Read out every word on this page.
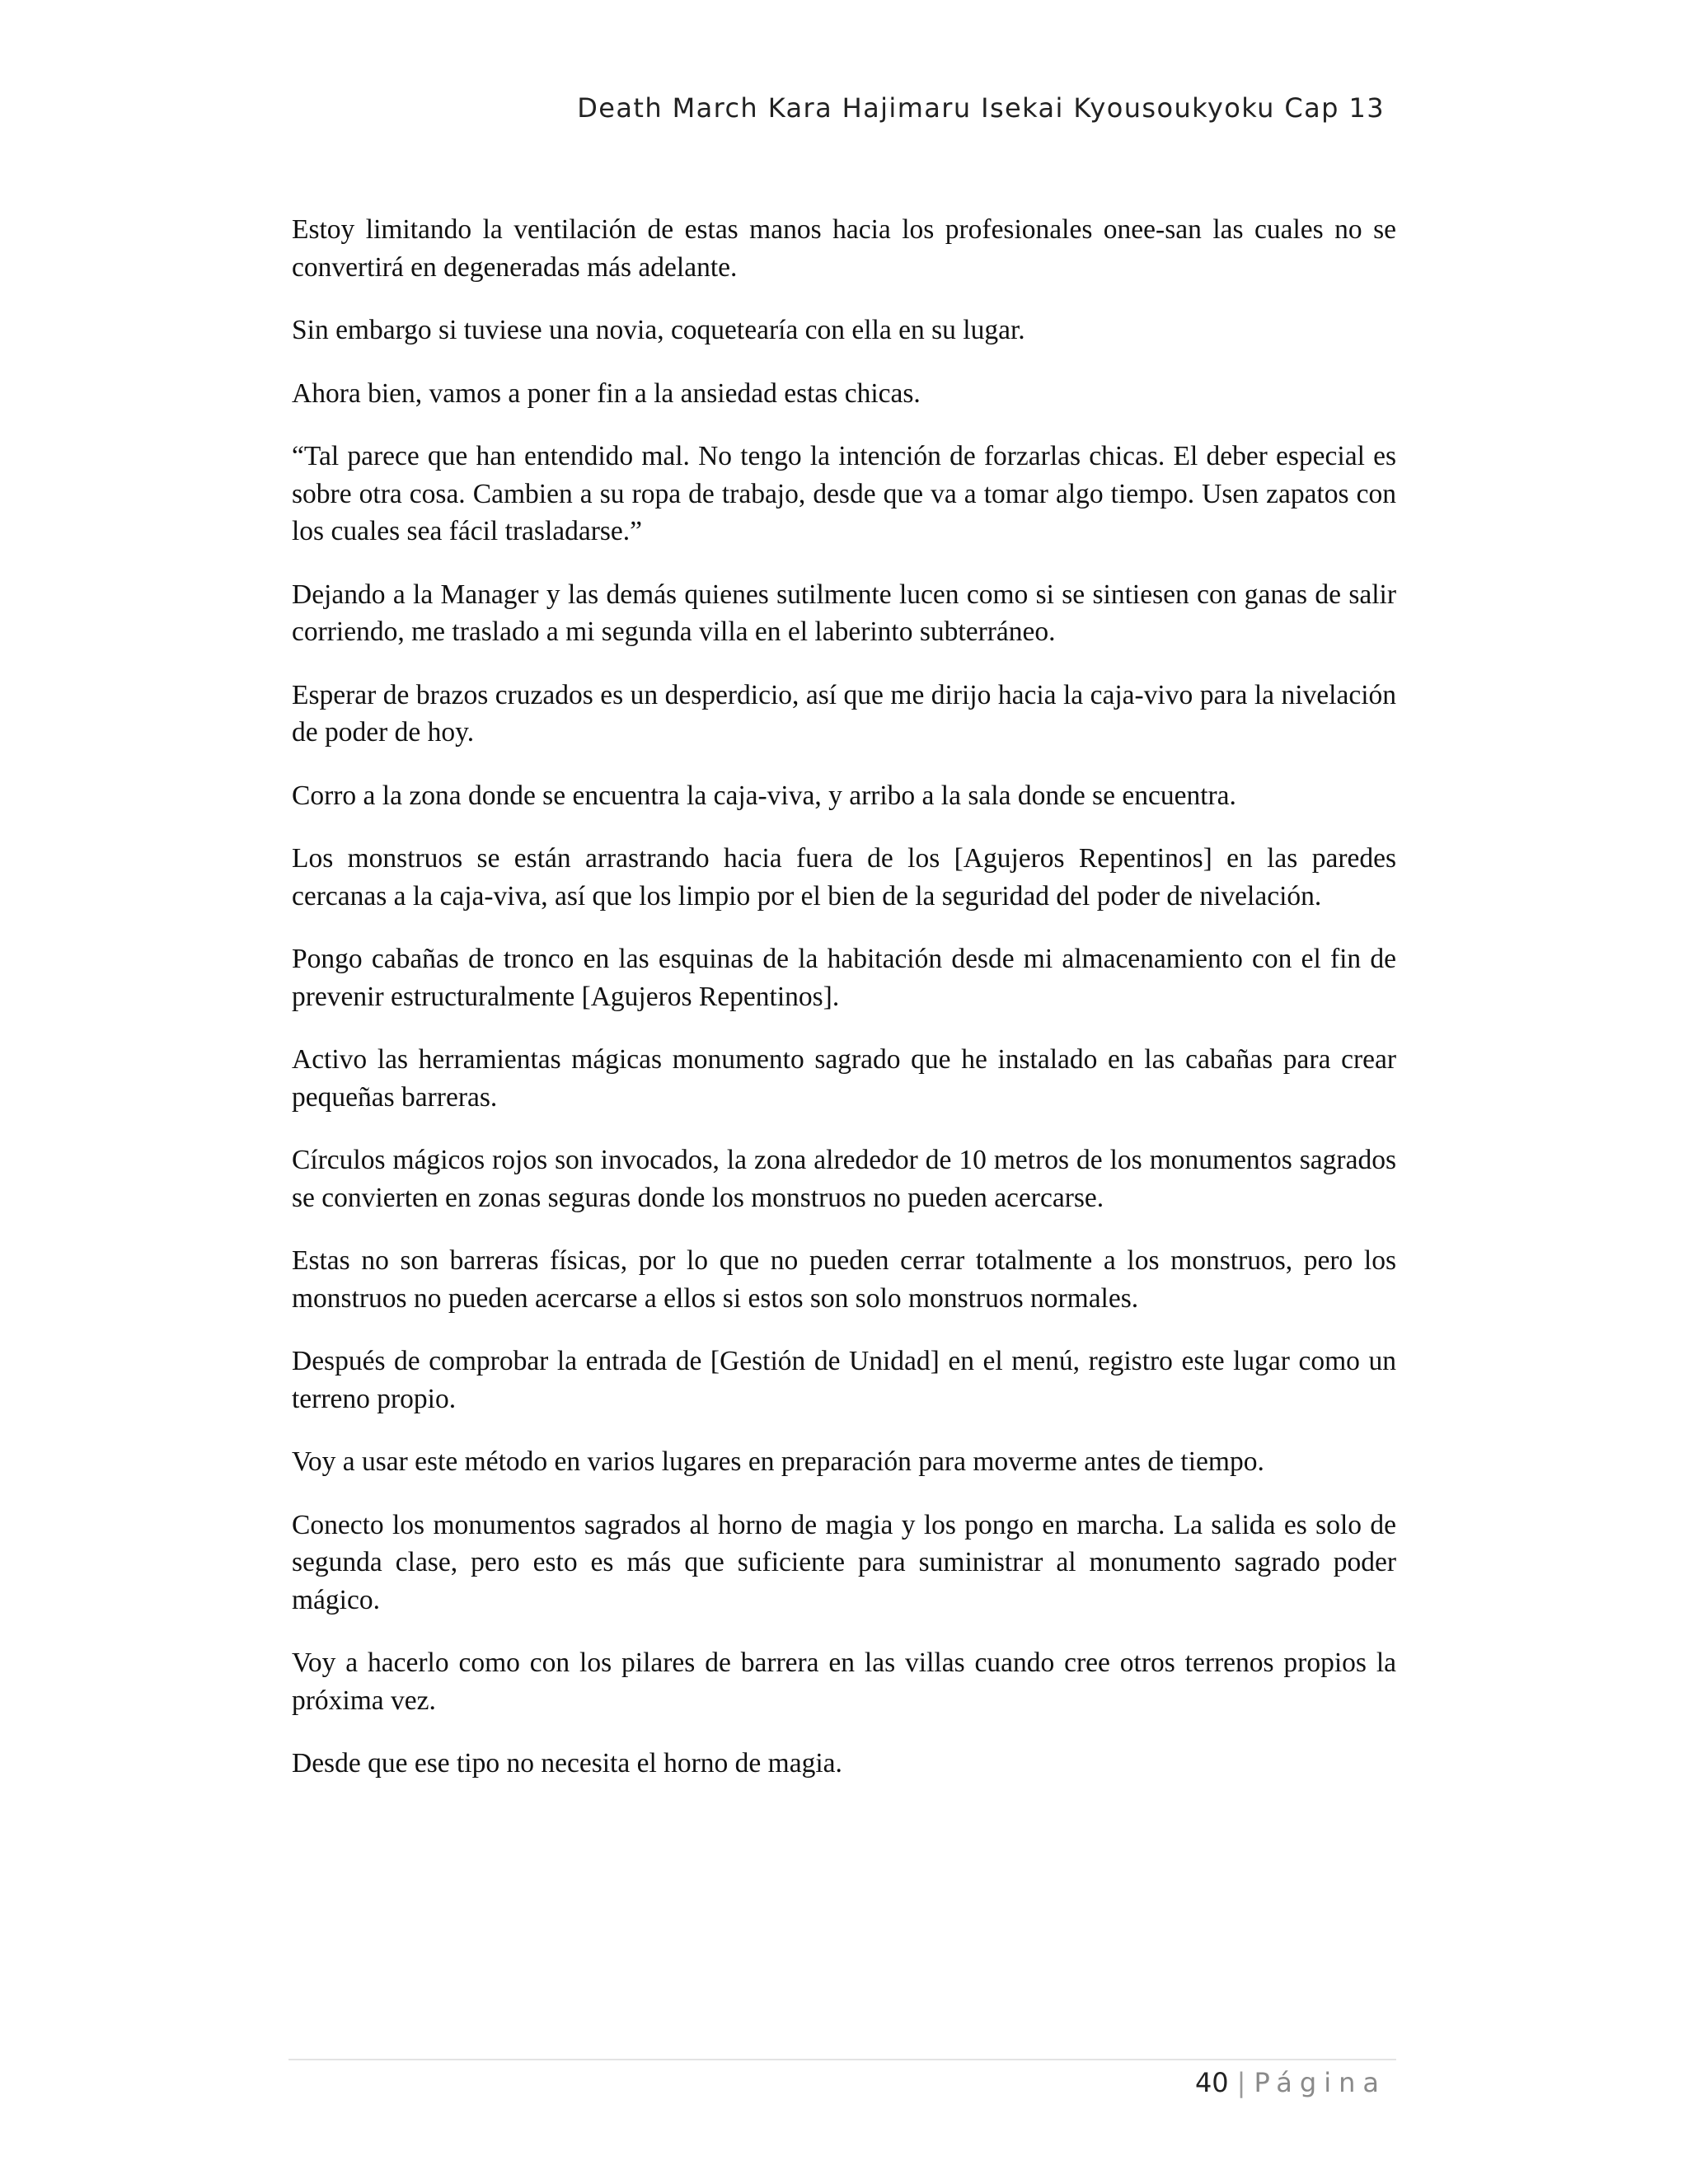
Death March Kara Hajimaru Isekai Kyousoukyoku Cap 13

Estoy limitando la ventilación de estas manos hacia los profesionales onee-san las cuales no se convertirá en degeneradas más adelante.

Sin embargo si tuviese una novia, coquetearía con ella en su lugar.

Ahora bien, vamos a poner fin a la ansiedad estas chicas.

“Tal parece que han entendido mal. No tengo la intención de forzarlas chicas. El deber especial es sobre otra cosa. Cambien a su ropa de trabajo, desde que va a tomar algo tiempo. Usen zapatos con los cuales sea fácil trasladarse.”

Dejando a la Manager y las demás quienes sutilmente lucen como si se sintiesen con ganas de salir corriendo, me traslado a mi segunda villa en el laberinto subterráneo.

Esperar de brazos cruzados es un desperdicio, así que me dirijo hacia la caja-vivo para la nivelación de poder de hoy.

Corro a la zona donde se encuentra la caja-viva, y arribo a la sala donde se encuentra.

Los monstruos se están arrastrando hacia fuera de los [Agujeros Repentinos] en las paredes cercanas a la caja-viva, así que los limpio por el bien de la seguridad del poder de nivelación.

Pongo cabañas de tronco en las esquinas de la habitación desde mi almacenamiento con el fin de prevenir estructuralmente [Agujeros Repentinos].

Activo las herramientas mágicas monumento sagrado que he instalado en las cabañas para crear pequeñas barreras.

Círculos mágicos rojos son invocados, la zona alrededor de 10 metros de los monumentos sagrados se convierten en zonas seguras donde los monstruos no pueden acercarse.

Estas no son barreras físicas, por lo que no pueden cerrar totalmente a los monstruos, pero los monstruos no pueden acercarse a ellos si estos son solo monstruos normales.

Después de comprobar la entrada de [Gestión de Unidad] en el menú, registro este lugar como un terreno propio.

Voy a usar este método en varios lugares en preparación para moverme antes de tiempo.

Conecto los monumentos sagrados al horno de magia y los pongo en marcha. La salida es solo de segunda clase, pero esto es más que suficiente para suministrar al monumento sagrado poder mágico.

Voy a hacerlo como con los pilares de barrera en las villas cuando cree otros terrenos propios la próxima vez.

Desde que ese tipo no necesita el horno de magia.

40 | Página
